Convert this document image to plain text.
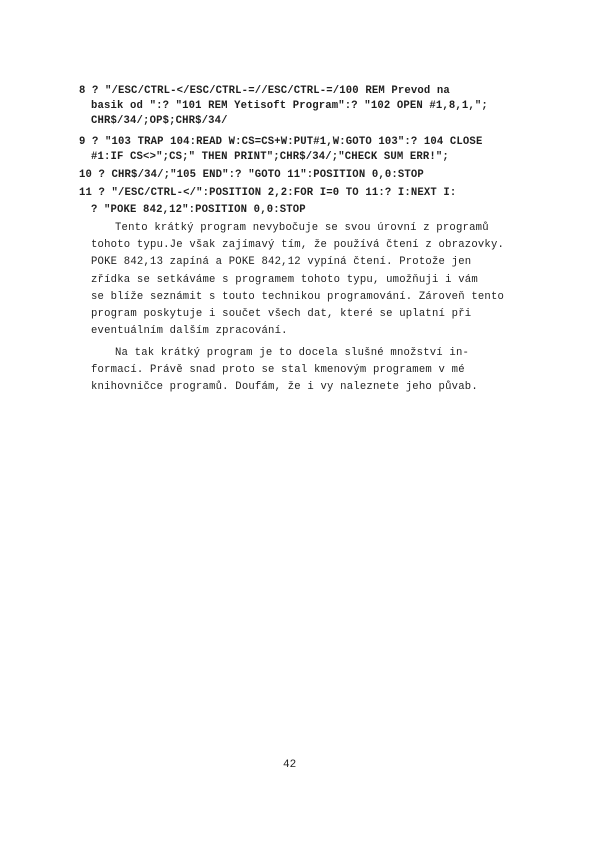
8 ? "/ESC/CTRL-</ESC/CTRL-=//ESC/CTRL-=/100 REM Prevod na
basik od ":? "101 REM Yetisoft Program":? "102 OPEN #1,8,1,";
CHR$/34/;OP$;CHR$/34/
9 ? "103 TRAP 104:READ W:CS=CS+W:PUT#1,W:GOTO 103":? 104 CLOSE
#1:IF CS<>";CS;" THEN PRINT";CHR$/34/;"CHECK SUM ERR!";
10 ? CHR$/34/;"105 END":? "GOTO 11":POSITION 0,0:STOP
11 ? "/ESC/CTRL-</":POSITION 2,2:FOR I=0 TO 11:? I:NEXT I:
? "POKE 842,12":POSITION 0,0:STOP
Tento krátký program nevybočuje se svou úrovní z programů
tohoto typu.Je však zajímavý tím, že používá čtení z obrazovky.
POKE 842,13 zapíná a POKE 842,12 vypíná čtení. Protože jen
zřídka se setkáváme s programem tohoto typu, umožňuji i vám
se blíže seznámit s touto technikou programování. Zároveň tento
program poskytuje i součet všech dat, které se uplatní při
eventuálním dalším zpracování.
Na tak krátký program je to docela slušné množství in-
formací. Právě snad proto se stal kmenovým programem v mé
knihovničce programů. Doufám, že i vy naleznete jeho půvab.
42
